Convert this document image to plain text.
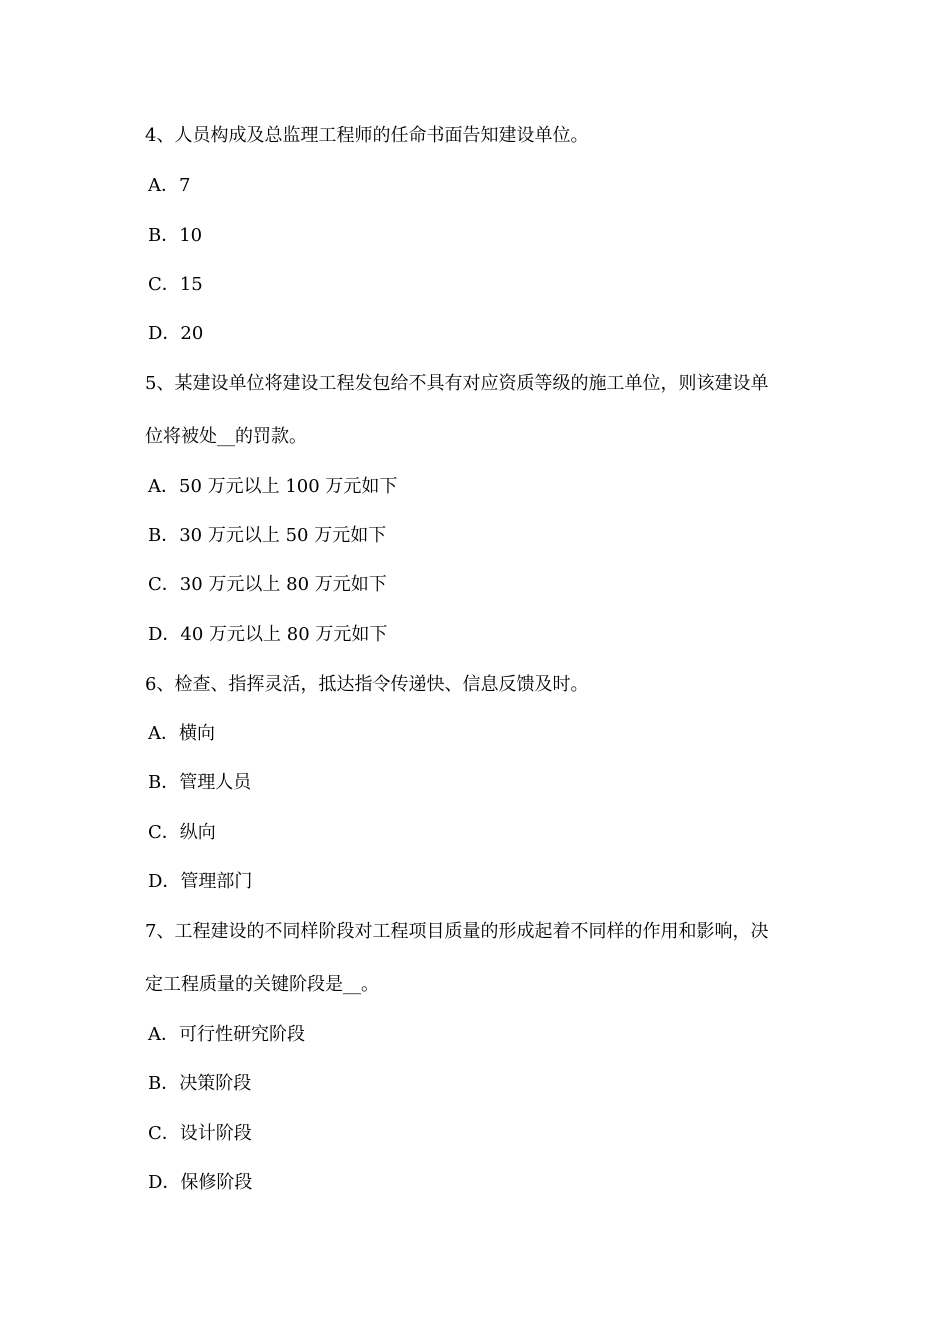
4、人员构成及总监理工程师的任命书面告知建设单位。
A．7
B．10
C．15
D．20
5、某建设单位将建设工程发包给不具有对应资质等级的施工单位，则该建设单
位将被处__的罚款。
A．50 万元以上 100 万元如下
B．30 万元以上 50 万元如下
C．30 万元以上 80 万元如下
D．40 万元以上 80 万元如下
6、检查、指挥灵活，抵达指令传递快、信息反馈及时。
A．横向
B．管理人员
C．纵向
D．管理部门
7、工程建设的不同样阶段对工程项目质量的形成起着不同样的作用和影响，决
定工程质量的关键阶段是__。
A．可行性研究阶段
B．决策阶段
C．设计阶段
D．保修阶段
